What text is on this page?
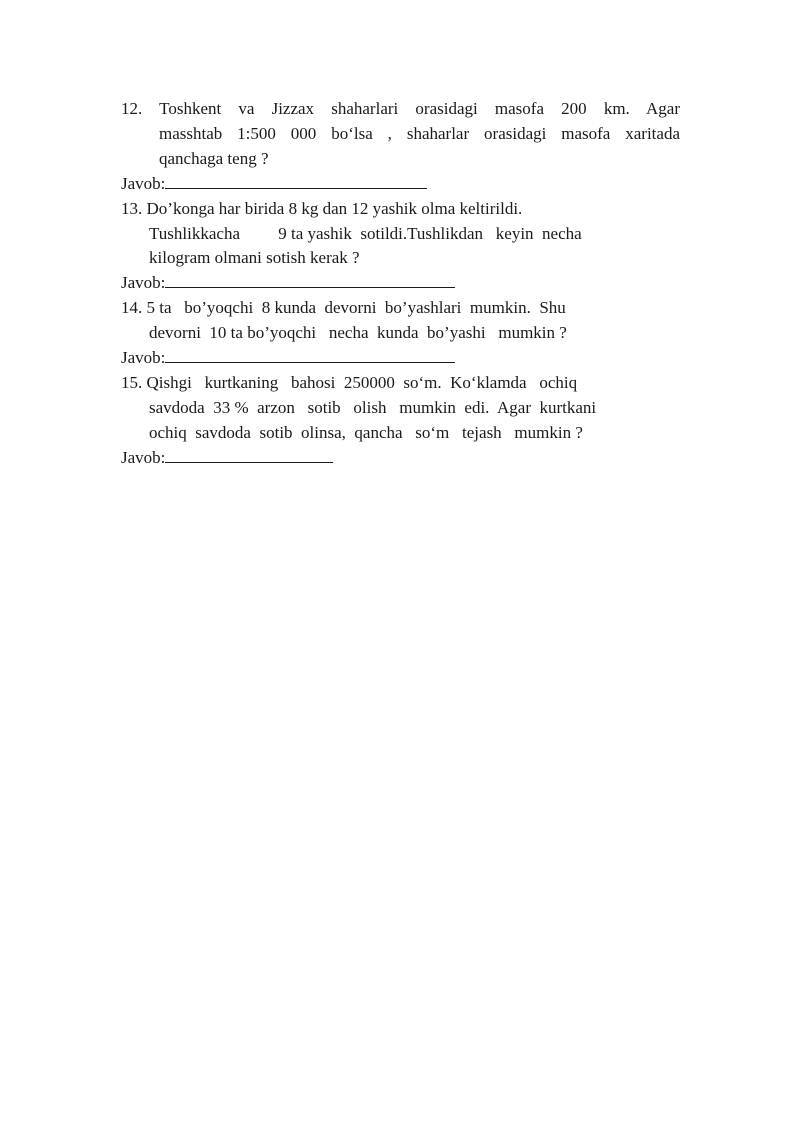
12. Toshkent va Jizzax shaharlari orasidagi masofa 200 km. Agar
masshtab 1:500 000 bo‘lsa , shaharlar orasidagi masofa xaritada
qanchaga teng ?
Javob:
13. Do’konga har birida 8 kg dan 12 yashik olma keltirildi.
Tushlikkacha         9 ta yashik  sotildi.Tushlikdan   keyin  necha
kilogram olmani sotish kerak ?
Javob:
14. 5 ta   bo’yoqchi  8 kunda  devorni  bo’yashlari  mumkin.  Shu
devorni  10 ta bo’yoqchi   necha  kunda  bo’yashi   mumkin ?
Javob:
15. Qishgi   kurtkaning   bahosi  250000  so‘m.  Ko‘klamda   ochiq
savdoda  33 %  arzon   sotib   olish   mumkin  edi.  Agar  kurtkani
ochiq  savdoda  sotib  olinsa,  qancha   so‘m   tejash   mumkin ?
Javob:
